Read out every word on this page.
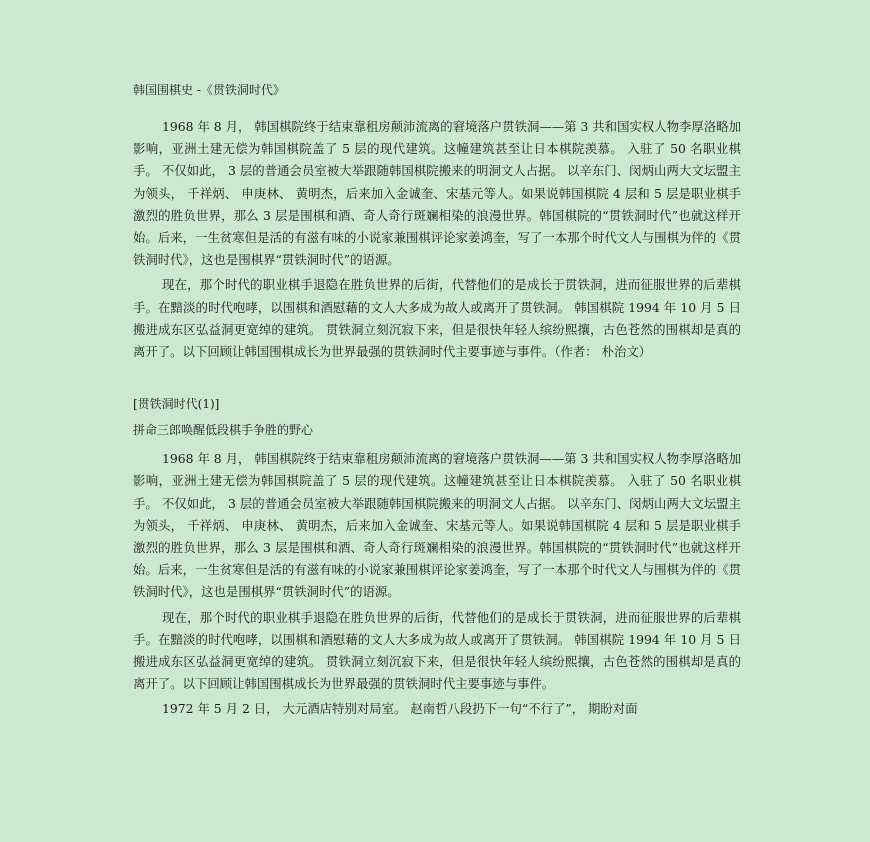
韩国围棋史 -《贯铁洞时代》

1968 年 8 月， 韩国棋院终于结束靠租房颠沛流离的窘境落户贯铁洞——第 3 共和国实权人物李厚洛略加影响，亚洲土建无偿为韩国棋院盖了 5 层的现代建筑。这幢建筑甚至让日本棋院羡慕。 入驻了 50 名职业棋手。 不仅如此， 3 层的普通会员室被大举跟随韩国棋院搬来的明洞文人占据。 以辛东门、闵炳山两大文坛盟主为领头， 千祥炳、 申庚林、 黄明杰，后来加入金诚奎、宋基元等人。如果说韩国棋院 4 层和 5 层是职业棋手激烈的胜负世界，那么 3 层是围棋和酒、奇人奇行斑斓相染的浪漫世界。韩国棋院的“贯铁洞时代”也就这样开始。后来，一生贫寒但是活的有滋有味的小说家兼围棋评论家姜鸿奎，写了一本那个时代文人与围棋为伴的《贯铁洞时代》，这也是围棋界“贯铁洞时代”的语源。

现在，那个时代的职业棋手退隐在胜负世界的后街，代替他们的是成长于贯铁洞，进而征服世界的后辈棋手。在黯淡的时代咆哮，以围棋和酒慰藉的文人大多成为故人或离开了贯铁洞。 韩国棋院 1994 年 10 月 5 日搬进成东区弘益洞更宽绰的建筑。 贯铁洞立刻沉寂下来，但是很快年轻人缤纷熙攘，古色苍然的围棋却是真的离开了。以下回顾让韩国围棋成长为世界最强的贯铁洞时代主要事迹与事件。（作者： 朴治文）

[贯铁洞时代(1)]

拼命三郎唤醒低段棋手争胜的野心

1968 年 8 月， 韩国棋院终于结束靠租房颠沛流离的窘境落户贯铁洞——第 3 共和国实权人物李厚洛略加影响，亚洲土建无偿为韩国棋院盖了 5 层的现代建筑。这幢建筑甚至让日本棋院羡慕。 入驻了 50 名职业棋手。 不仅如此， 3 层的普通会员室被大举跟随韩国棋院搬来的明洞文人占据。 以辛东门、闵炳山两大文坛盟主为领头， 千祥炳、 申庚林、 黄明杰，后来加入金诚奎、宋基元等人。如果说韩国棋院 4 层和 5 层是职业棋手激烈的胜负世界，那么 3 层是围棋和酒、奇人奇行斑斓相染的浪漫世界。韩国棋院的“贯铁洞时代”也就这样开始。后来，一生贫寒但是活的有滋有味的小说家兼围棋评论家姜鸿奎，写了一本那个时代文人与围棋为伴的《贯铁洞时代》，这也是围棋界“贯铁洞时代”的语源。

现在，那个时代的职业棋手退隐在胜负世界的后街，代替他们的是成长于贯铁洞，进而征服世界的后辈棋手。在黯淡的时代咆哮，以围棋和酒慰藉的文人大多成为故人或离开了贯铁洞。 韩国棋院 1994 年 10 月 5 日搬进成东区弘益洞更宽绰的建筑。 贯铁洞立刻沉寂下来，但是很快年轻人缤纷熙攘，古色苍然的围棋却是真的离开了。以下回顾让韩国围棋成长为世界最强的贯铁洞时代主要事迹与事件。

1972 年 5 月 2 日， 大元酒店特别对局室。 赵南哲八段扔下一句“不行了”， 期盼对面
